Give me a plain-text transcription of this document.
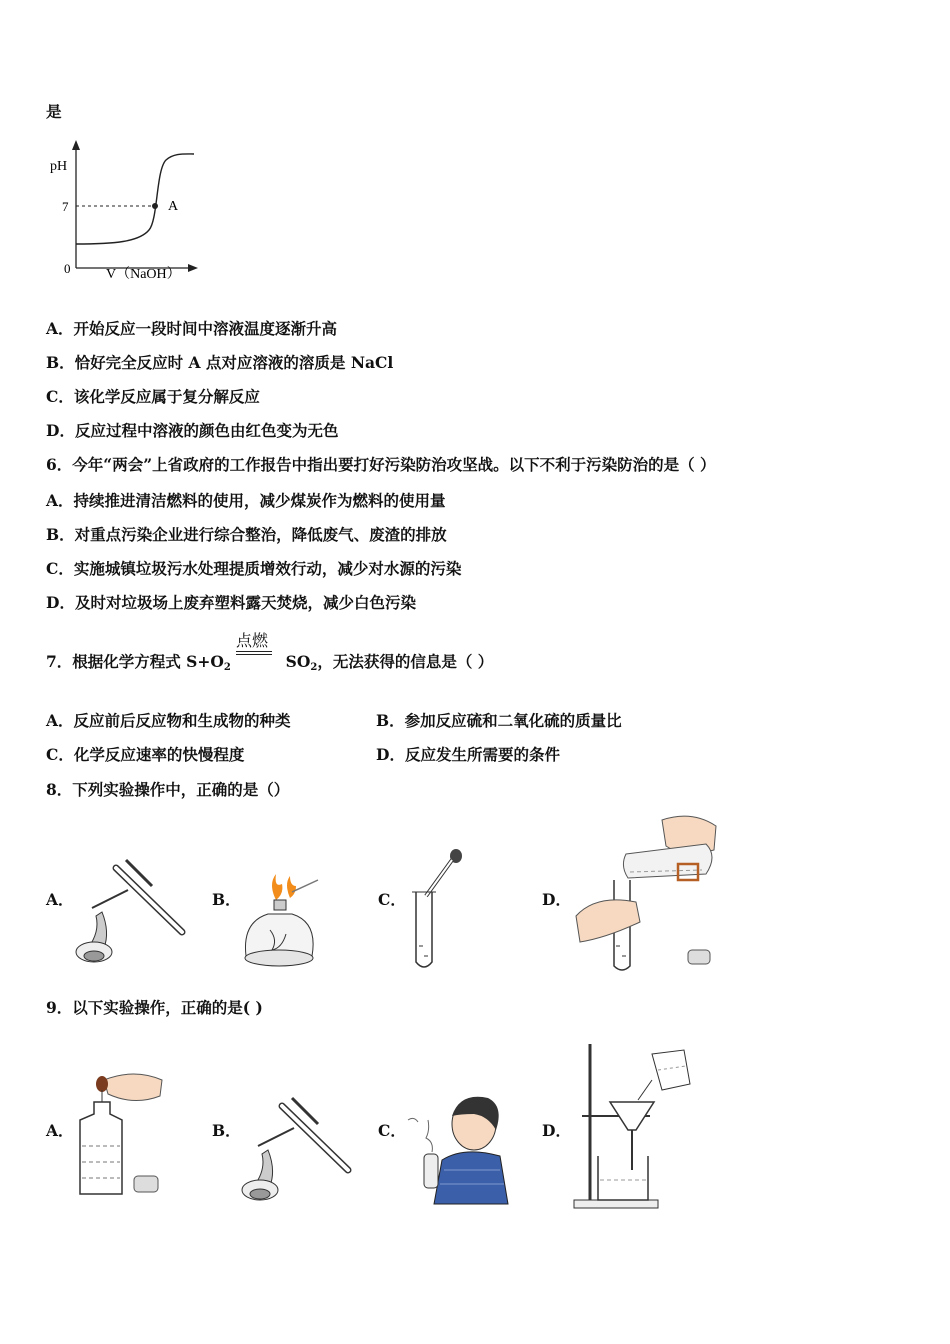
是
pH
7
0	V（NaOH）
A
A．开始反应一段时间中溶液温度逐渐升高
B．恰好完全反应时 A 点对应溶液的溶质是 NaCl
C．该化学反应属于复分解反应
D．反应过程中溶液的颜色由红色变为无色
6．今年“两会”上省政府的工作报告中指出要打好污染防治攻坚战。以下不利于污染防治的是（ ）
A．持续推进清洁燃料的使用，减少煤炭作为燃料的使用量
B．对重点污染企业进行综合整治，降低废气、废渣的排放
C．实施城镇垃圾污水处理提质增效行动，减少对水源的污染
D．及时对垃圾场上废弃塑料露天焚烧，减少白色污染
7．根据化学方程式 $S+O_2$	$SO_2$，无法获得的信息是（ ）
点燃
A．反应前后反应物和生成物的种类	B．参加反应硫和二氧化硫的质量比
C．化学反应速率的快慢程度	D．反应发生所需要的条件
8．下列实验操作中，正确的是（）
A．	B．	C．	D．
9．以下实验操作，正确的是( )
A．	B．	C．	D．
